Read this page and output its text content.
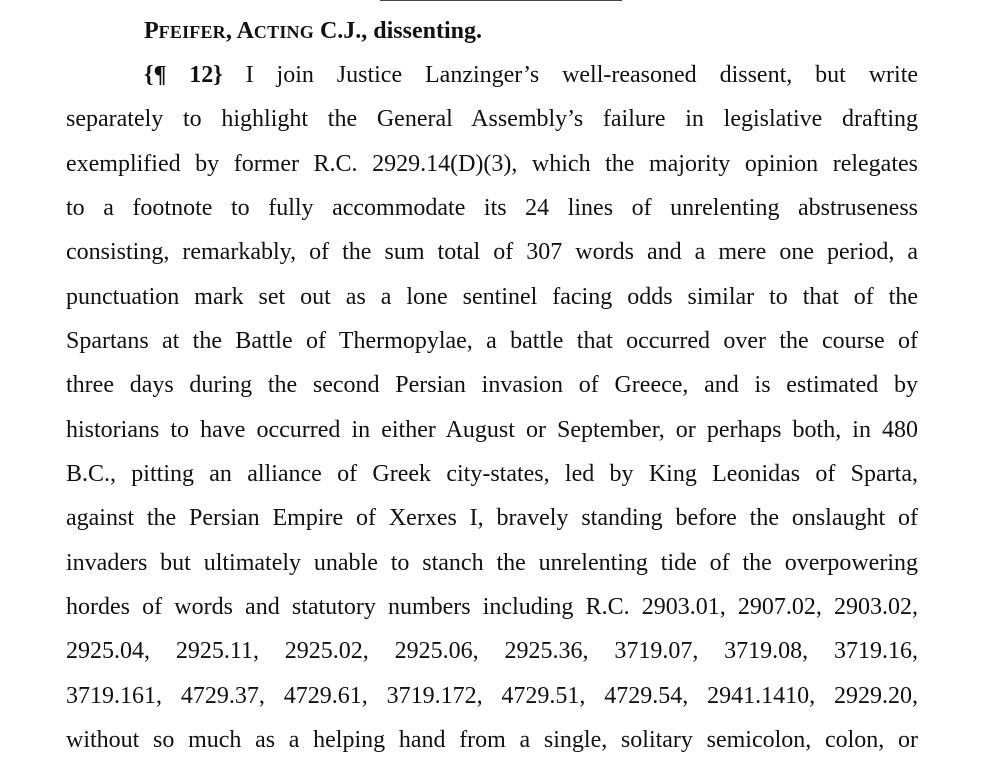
PFEIFER, ACTING C.J., dissenting.
{¶ 12} I join Justice Lanzinger’s well-reasoned dissent, but write
separately to highlight the General Assembly’s failure in legislative drafting
exemplified by former R.C. 2929.14(D)(3), which the majority opinion relegates
to a footnote to fully accommodate its 24 lines of unrelenting abstruseness
consisting, remarkably, of the sum total of 307 words and a mere one period, a
punctuation mark set out as a lone sentinel facing odds similar to that of the
Spartans at the Battle of Thermopylae, a battle that occurred over the course of
three days during the second Persian invasion of Greece, and is estimated by
historians to have occurred in either August or September, or perhaps both, in 480
B.C., pitting an alliance of Greek city-states, led by King Leonidas of Sparta,
against the Persian Empire of Xerxes I, bravely standing before the onslaught of
invaders but ultimately unable to stanch the unrelenting tide of the overpowering
hordes of words and statutory numbers including R.C. 2903.01, 2907.02, 2903.02,
2925.04, 2925.11, 2925.02, 2925.06, 2925.36, 3719.07, 3719.08, 3719.16,
3719.161, 4729.37, 4729.61, 3719.172, 4729.51, 4729.54, 2941.1410, 2929.20,
without so much as a helping hand from a single, solitary semicolon, colon, or
